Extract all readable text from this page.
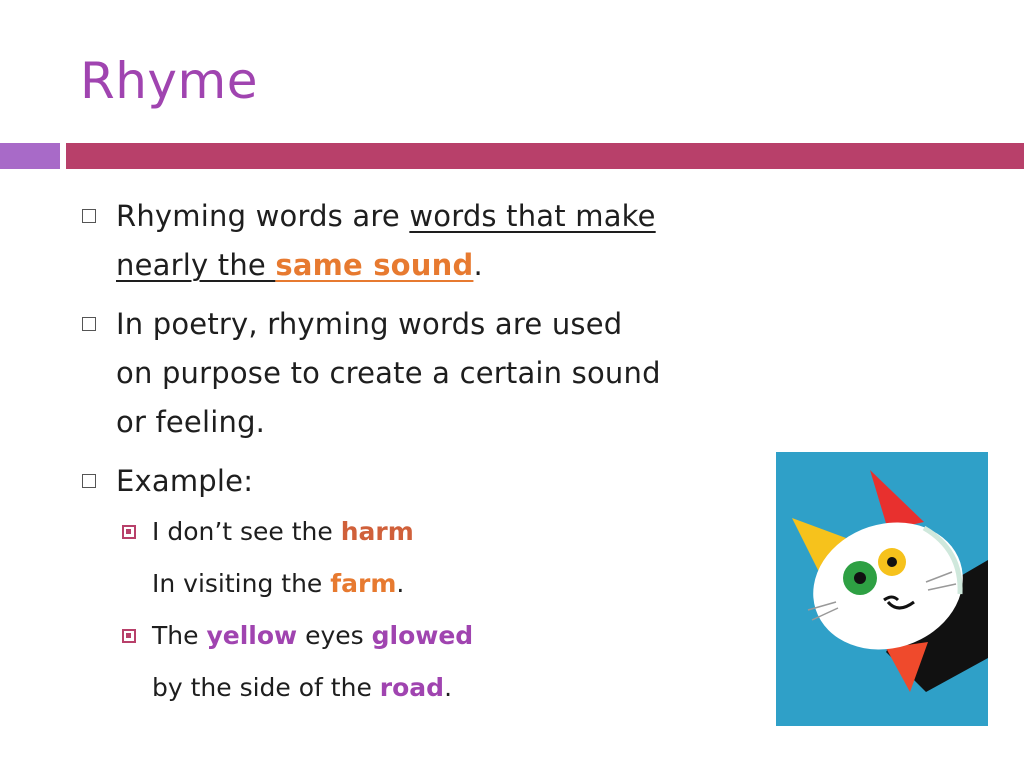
Rhyme
Rhyming words are words that make
nearly the same sound.
In poetry, rhyming words are used
on purpose to create a certain sound
or feeling.
Example:
I don’t see the harm
In visiting the farm.
The yellow eyes glowed
by the side of the road.
